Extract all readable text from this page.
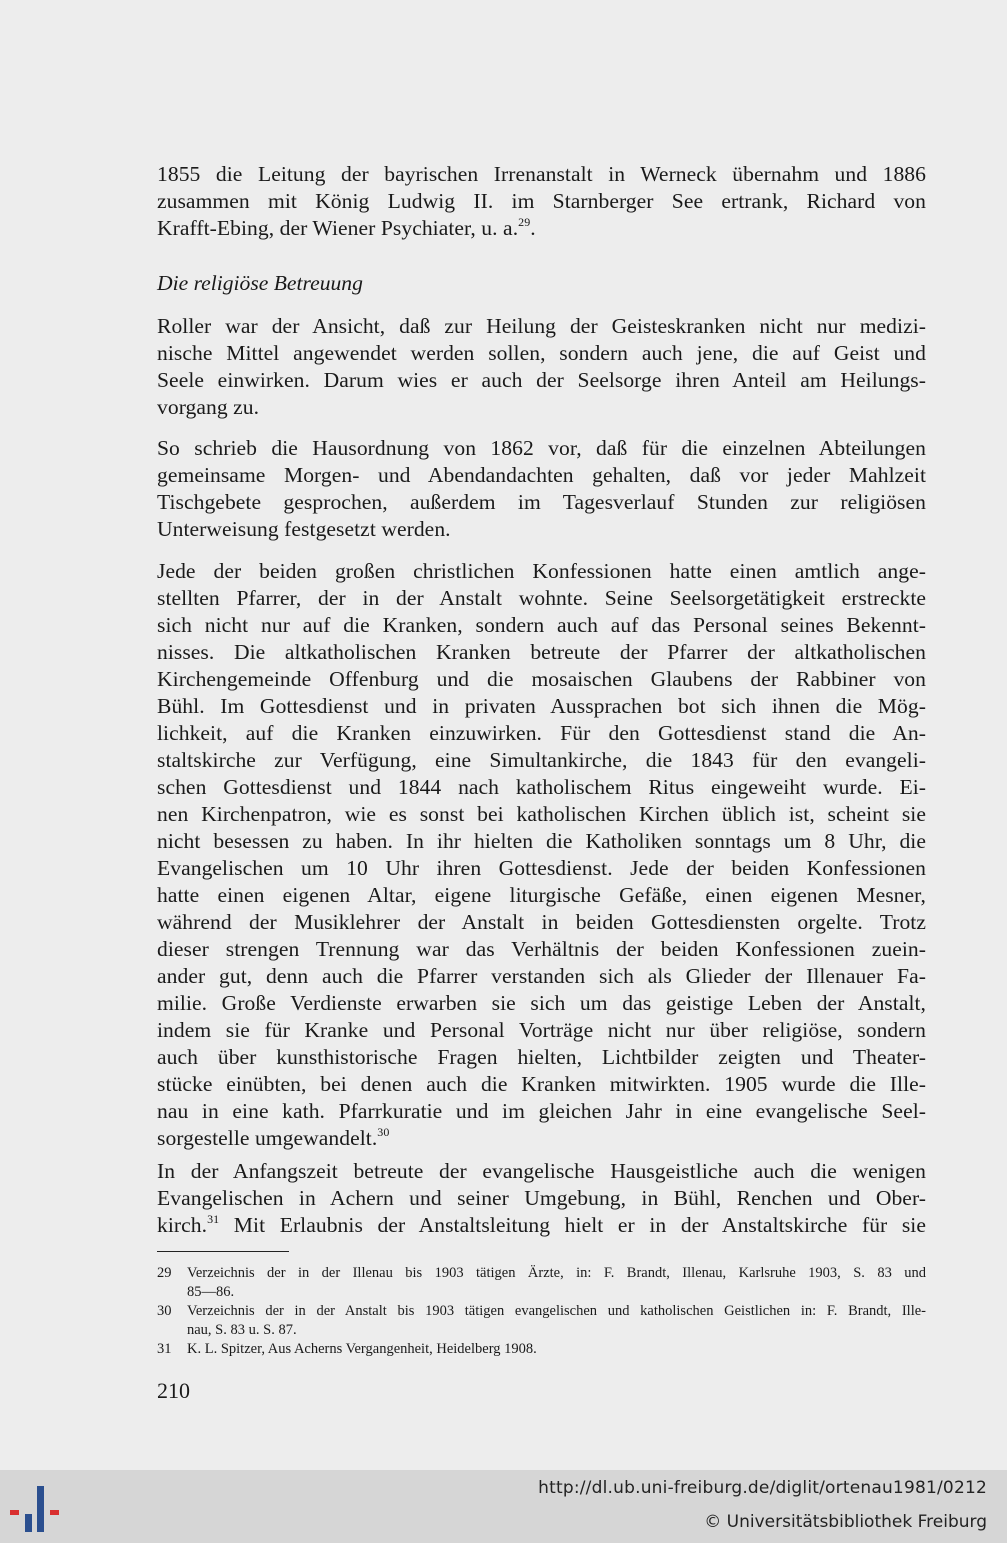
1855 die Leitung der bayrischen Irrenanstalt in Werneck übernahm und 1886
zusammen mit König Ludwig II. im Starnberger See ertrank, Richard von
Krafft-Ebing, der Wiener Psychiater, u. a.$^{29}$.
Die religiöse Betreuung
Roller war der Ansicht, daß zur Heilung der Geisteskranken nicht nur medizi-
nische Mittel angewendet werden sollen, sondern auch jene, die auf Geist und
Seele einwirken. Darum wies er auch der Seelsorge ihren Anteil am Heilungs-
vorgang zu.
So schrieb die Hausordnung von 1862 vor, daß für die einzelnen Abteilungen
gemeinsame Morgen- und Abendandachten gehalten, daß vor jeder Mahlzeit
Tischgebete gesprochen, außerdem im Tagesverlauf Stunden zur religiösen
Unterweisung festgesetzt werden.
Jede der beiden großen christlichen Konfessionen hatte einen amtlich ange-
stellten Pfarrer, der in der Anstalt wohnte. Seine Seelsorgetätigkeit erstreckte
sich nicht nur auf die Kranken, sondern auch auf das Personal seines Bekennt-
nisses. Die altkatholischen Kranken betreute der Pfarrer der altkatholischen
Kirchengemeinde Offenburg und die mosaischen Glaubens der Rabbiner von
Bühl. Im Gottesdienst und in privaten Aussprachen bot sich ihnen die Mög-
lichkeit, auf die Kranken einzuwirken. Für den Gottesdienst stand die An-
staltskirche zur Verfügung, eine Simultankirche, die 1843 für den evangeli-
schen Gottesdienst und 1844 nach katholischem Ritus eingeweiht wurde. Ei-
nen Kirchenpatron, wie es sonst bei katholischen Kirchen üblich ist, scheint sie
nicht besessen zu haben. In ihr hielten die Katholiken sonntags um 8 Uhr, die
Evangelischen um 10 Uhr ihren Gottesdienst. Jede der beiden Konfessionen
hatte einen eigenen Altar, eigene liturgische Gefäße, einen eigenen Mesner,
während der Musiklehrer der Anstalt in beiden Gottesdiensten orgelte. Trotz
dieser strengen Trennung war das Verhältnis der beiden Konfessionen zuein-
ander gut, denn auch die Pfarrer verstanden sich als Glieder der Illenauer Fa-
milie. Große Verdienste erwarben sie sich um das geistige Leben der Anstalt,
indem sie für Kranke und Personal Vorträge nicht nur über religiöse, sondern
auch über kunsthistorische Fragen hielten, Lichtbilder zeigten und Theater-
stücke einübten, bei denen auch die Kranken mitwirkten. 1905 wurde die Ille-
nau in eine kath. Pfarrkuratie und im gleichen Jahr in eine evangelische Seel-
sorgestelle umgewandelt.$^{30}$
In der Anfangszeit betreute der evangelische Hausgeistliche auch die wenigen
Evangelischen in Achern und seiner Umgebung, in Bühl, Renchen und Ober-
kirch.$^{31}$ Mit Erlaubnis der Anstaltsleitung hielt er in der Anstaltskirche für sie
29 Verzeichnis der in der Illenau bis 1903 tätigen Ärzte, in: F. Brandt, Illenau, Karlsruhe 1903, S. 83 und
85—86.
30 Verzeichnis der in der Anstalt bis 1903 tätigen evangelischen und katholischen Geistlichen in: F. Brandt, Ille-
nau, S. 83 u. S. 87.
31 K. L. Spitzer, Aus Acherns Vergangenheit, Heidelberg 1908.
210
http://dl.ub.uni-freiburg.de/diglit/ortenau1981/0212
© Universitätsbibliothek Freiburg
